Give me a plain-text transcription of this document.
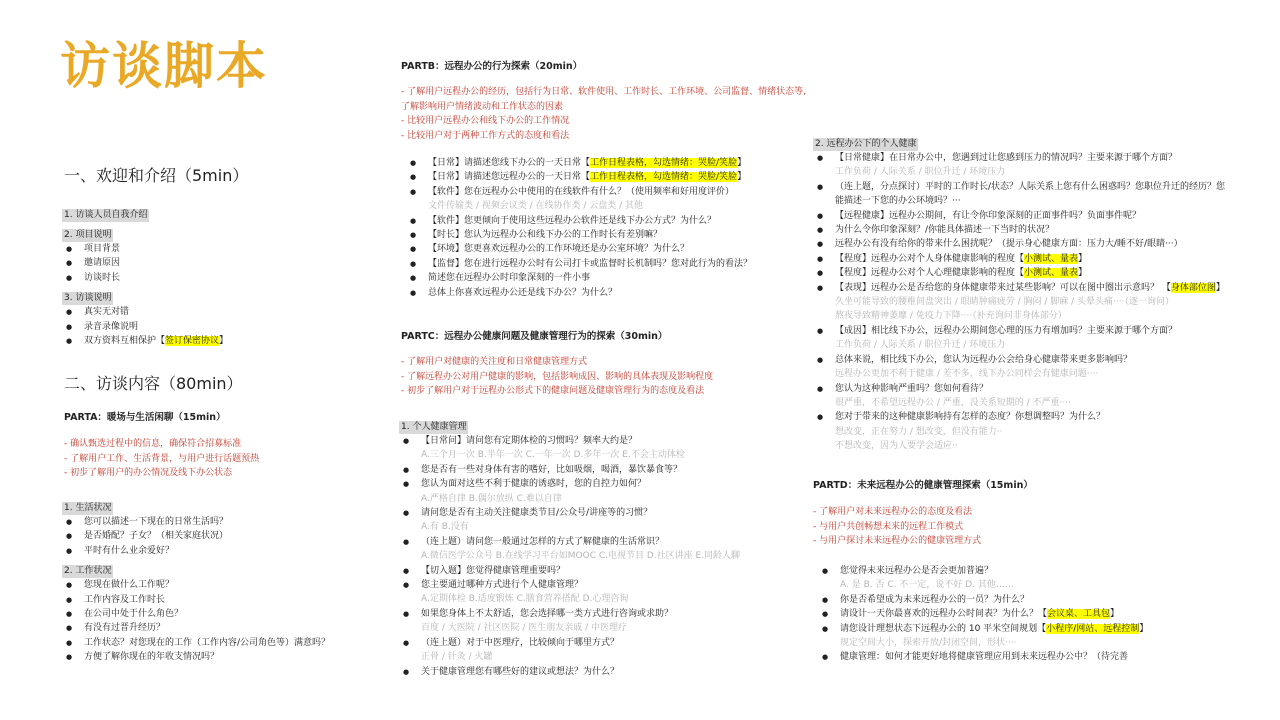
访谈脚本
一、欢迎和介绍（5min）
1. 访谈人员自我介绍
2. 项目说明
● 项目背景
● 邀请原因
● 访谈时长
3. 访谈说明
● 真实无对错
● 录音录像说明
● 双方资料互相保护【签订保密协议】
二、访谈内容（80min）
PARTA：暖场与生活闲聊（15min）
- 确认甄选过程中的信息，确保符合招募标准
- 了解用户工作、生活背景，与用户进行话题预热
- 初步了解用户的办公情况及线下办公状态
1. 生活状况
● 您可以描述一下现在的日常生活吗？
● 是否婚配？子女？（相关家庭状况）
● 平时有什么业余爱好？
2. 工作状况
● 您现在做什么工作呢？
● 工作内容及工作时长
● 在公司中处于什么角色？
● 有没有过晋升经历？
● 工作状态？对您现在的工作（工作内容/公司角色等）满意吗？
● 方便了解你现在的年收支情况吗？
PARTB：远程办公的行为探索（20min）
- 了解用户远程办公的经历，包括行为日常、软件使用、工作时长、工作环境、公司监督、情绪状态等,
了解影响用户情绪波动和工作状态的因素
- 比较用户远程办公和线下办公的工作情况
- 比较用户对于两种工作方式的态度和看法
● 【日常】请描述您线下办公的一天日常【工作日程表格，勾选情绪：哭脸/笑脸】
● 【日常】请描述您远程办公的一天日常【工作日程表格，勾选情绪：哭脸/笑脸】
● 【软件】您在远程办公中使用的在线软件有什么？（使用频率和好用度评价）
文件传输类 / 视频会议类 / 在线协作类 / 云盘类 / 其他
● 【软件】您更倾向于使用这些远程办公软件还是线下办公方式？为什么？
● 【时长】您认为远程办公和线下办公的工作时长有差别嘛？
● 【环境】您更喜欢远程办公的工作环境还是办公室环境？为什么？
● 【监督】您在进行远程办公时有公司打卡或监督时长机制吗？您对此行为的看法？
● 简述您在远程办公时印象深刻的一件小事
● 总体上你喜欢远程办公还是线下办公？为什么？
PARTC：远程办公健康问题及健康管理行为的探索（30min）
- 了解用户对健康的关注度和日常健康管理方式
- 了解远程办公对用户健康的影响，包括影响成因、影响的具体表现及影响程度
- 初步了解用户对于远程办公形式下的健康问题及健康管理行为的态度及看法
1. 个人健康管理
● 【日常问】请问您有定期体检的习惯吗？频率大约是？
A.三个月一次 B.半年一次 C.一年一次 D.多年一次 E.不会主动体检
● 您是否有一些对身体有害的嗜好，比如吸烟，喝酒，暴饮暴食等？
● 您认为面对这些不利于健康的诱惑时，您的自控力如何？
A.严格自律 B.偶尔放纵 C.难以自律
● 请问您是否有主动关注健康类节目/公众号/讲座等的习惯？
A.有 B.没有
● （连上题）请问您一般通过怎样的方式了解健康的生活常识？
A.微信医学公众号 B.在线学习平台如MOOC C.电视节目 D.社区讲座 E.同龄人聊
● 【切入题】您觉得健康管理重要吗？
● 您主要通过哪种方式进行个人健康管理？
A.定期体检 B.适度锻炼 C.膳食营养搭配 D.心理咨询
● 如果您身体上不太舒适，您会选择哪一类方式进行咨询或求助？
百度 / 大医院 / 社区医院 / 医生朋友亲戚 / 中医理疗
● （连上题）对于中医理疗，比较倾向于哪里方式？
正骨 / 针灸 / 火罐
● 关于健康管理您有哪些好的建议或想法？为什么？
2. 远程办公下的个人健康
● 【日常健康】在日常办公中，您遇到过让您感到压力的情况吗？主要来源于哪个方面？
工作负荷 / 人际关系 / 职位升迁 / 环境压力
● （连上题，分点探讨）平时的工作时长/状态？人际关系上您有什么困惑吗？您职位升迁的经历？您
能描述一下您的办公环境吗？···
● 【远程健康】远程办公期间，有让令你印象深刻的正面事件吗？负面事件呢？
● 为什么令你印象深刻？/你能具体描述一下当时的状况？
● 远程办公有没有给你的带来什么困扰呢？（提示身心健康方面：压力大/睡不好/眼睛···）
● 【程度】远程办公对个人身体健康影响的程度【小测试、量表】
● 【程度】远程办公对个人心理健康影响的程度【小测试、量表】
● 【表现】远程办公是否给您的身体健康带来过某些影响？可以在图中圈出示意吗？ 【身体部位图】
久坐可能导致的腰椎间盘突出 / 眼睛肿痛疲劳 / 胸闷 / 脚麻 / 头晕头痛····（逐一询问）
熬夜导致精神萎靡 / 免疫力下降····（补充询问非身体部分）
● 【成因】相比线下办公，远程办公期间您心理的压力有增加吗？主要来源于哪个方面？
工作负荷 / 人际关系 / 职位升迁 / 环境压力
● 总体来说，相比线下办公，您认为远程办公会给身心健康带来更多影响吗？
远程办公更加不利于健康 / 差不多，线下办公同样会有健康问题····
● 您认为这种影响严重吗？您如何看待？
很严重，不希望远程办公 / 严重，没关系短期的 / 不严重····
● 您对于带来的这种健康影响持有怎样的态度？你想调整吗？为什么？
想改变，正在努力 / 想改变，但没有能力··
不想改变，因为人要学会适应··
PARTD：未来远程办公的健康管理探索（15min）
- 了解用户对未来远程办公的态度及看法
- 与用户共创畅想未来的远程工作模式
- 与用户探讨未来远程办公的健康管理方式
● 您觉得未来远程办公是否会更加普遍？
A. 是 B. 否 C. 不一定，说不好 D. 其他……
● 你是否希望成为未来远程办公的一员？为什么？
● 请设计一天你最喜欢的远程办公时间表？为什么？【会议桌、工具包】
● 请您设计理想状态下远程办公的 10 平米空间规划【小程序/网站、远程控制】
规定空间大小，探索开放/封闭空间，形状····
● 健康管理：如何才能更好地将健康管理应用到未来远程办公中？（待完善
